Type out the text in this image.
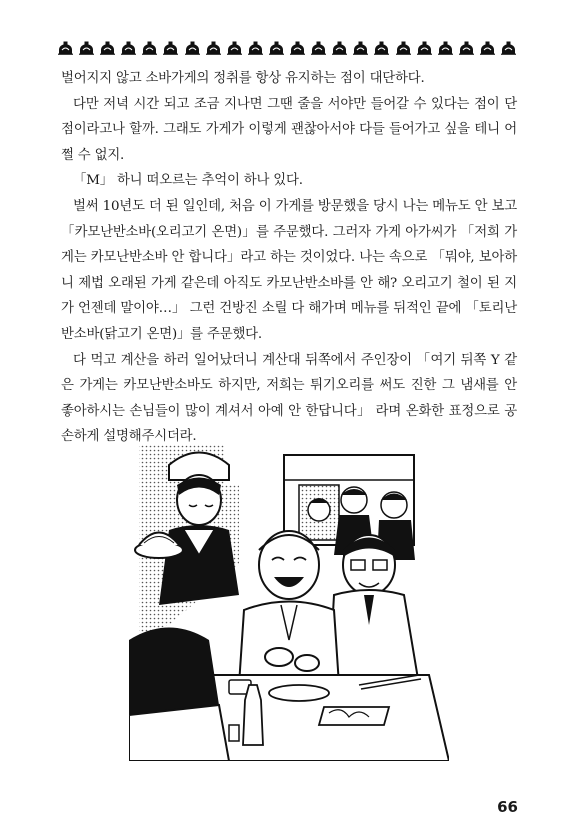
벌어지지 않고 소바가게의 정취를 항상 유지하는 점이 대단하다.

다만 저녁 시간 되고 조금 지나면 그땐 줄을 서야만 들어갈 수 있다는 점이 단점이라고나 할까. 그래도 가게가 이렇게 괜찮아서야 다들 들어가고 싶을 테니 어쩔 수 없지.

「M」 하니 떠오르는 추억이 하나 있다.

벌써 10년도 더 된 일인데, 처음 이 가게를 방문했을 당시 나는 메뉴도 안 보고 「카모난반소바(오리고기 온면)」를 주문했다. 그러자 가게 아가씨가 「저희 가게는 카모난반소바 안 합니다」라고 하는 것이었다. 나는 속으로 「뭐야, 보아하니 제법 오래된 가게 같은데 아직도 카모난반소바를 안 해? 오리고기 철이 된 지가 언젠데 말이야…」 그런 건방진 소릴 다 해가며 메뉴를 뒤적인 끝에 「토리난반소바(닭고기 온면)」를 주문했다.

다 먹고 계산을 하러 일어났더니 계산대 뒤쪽에서 주인장이 「여기 뒤쪽 Y 같은 가게는 카모난반소바도 하지만, 저희는 튀기오리를 써도 진한 그 냄새를 안 좋아하시는 손님들이 많이 계셔서 아예 안 한답니다」 라며 온화한 표정으로 공손하게 설명해주시더라.

66
